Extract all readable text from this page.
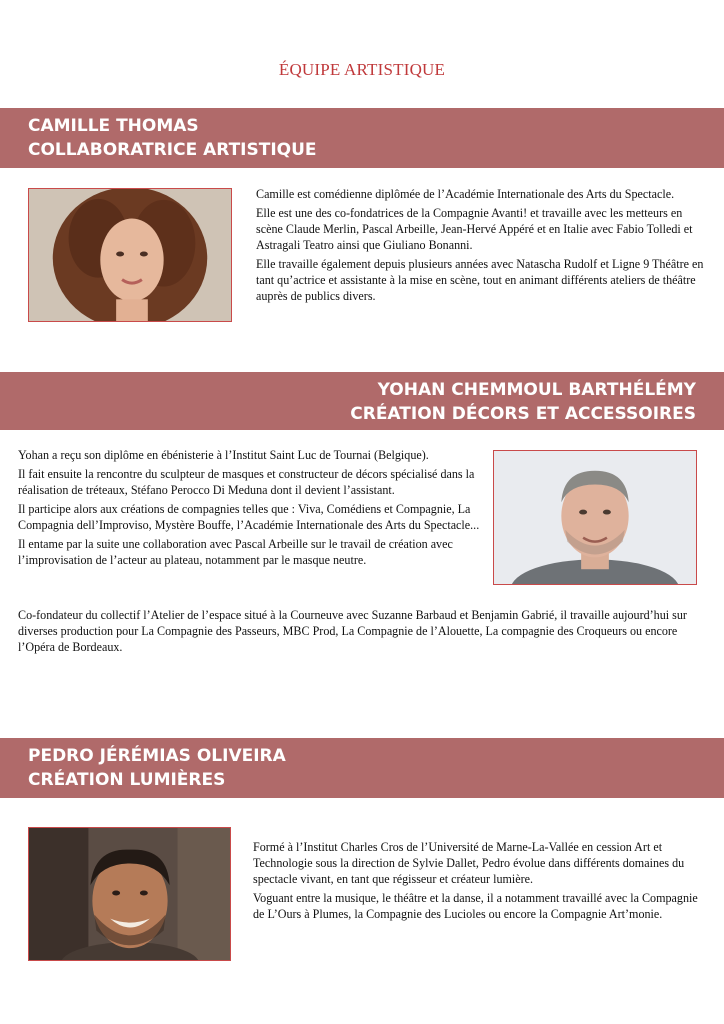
ÉQUIPE ARTISTIQUE
CAMILLE THOMAS
COLLABORATRICE ARTISTIQUE

Camille est comédienne diplômée de l’Académie Internationale des Arts du Spectacle.

Elle est une des co-fondatrices de la Compagnie Avanti! et travaille avec les metteurs en scène Claude Merlin, Pascal Arbeille, Jean-Hervé Appéré et en Italie avec Fabio Tolledi et Astragali Teatro ainsi que Giuliano Bonanni.

Elle travaille également depuis plusieurs années avec Natascha Rudolf et Ligne 9 Théâtre en tant qu’actrice et assistante à la mise en scène, tout en animant différents ateliers de théâtre auprès de publics divers.

YOHAN CHEMMOUL BARTHÉLÉMY
CRÉATION DÉCORS ET ACCESSOIRES

Yohan a reçu son diplôme en ébénisterie à l’Institut Saint Luc de Tournai (Belgique).

Il fait ensuite la rencontre du sculpteur de masques et constructeur de décors spécialisé dans la réalisation de tréteaux, Stéfano Perocco Di Meduna dont il devient l’assistant.

Il participe alors aux créations de compagnies telles que : Viva, Comédiens et Compagnie, La Compagnia dell’Improviso, Mystère Bouffe, l’Académie Internationale des Arts du Spectacle...

Il entame par la suite une collaboration avec Pascal Arbeille sur le travail de création avec l’improvisation de l’acteur au plateau, notamment par le masque neutre.

Co-fondateur du collectif l’Atelier de l’espace situé à la Courneuve avec Suzanne Barbaud et Benjamin Gabrié, il travaille aujourd’hui sur diverses production pour La Compagnie des Passeurs, MBC Prod, La Compagnie de l’Alouette, La compagnie des Croqueurs ou encore l’Opéra de Bordeaux.

PEDRO JÉRÉMIAS OLIVEIRA
CRÉATION LUMIÈRES

Formé à l’Institut Charles Cros de l’Université de Marne-La-Vallée en cession Art et Technologie sous la direction de Sylvie Dallet, Pedro évolue dans différents domaines du spectacle vivant, en tant que régisseur et créateur lumière.

Voguant entre la musique, le théâtre et la danse, il a notamment travaillé avec la Compagnie de L’Ours à Plumes, la Compagnie des Lucioles ou encore la Compagnie Art’monie.
